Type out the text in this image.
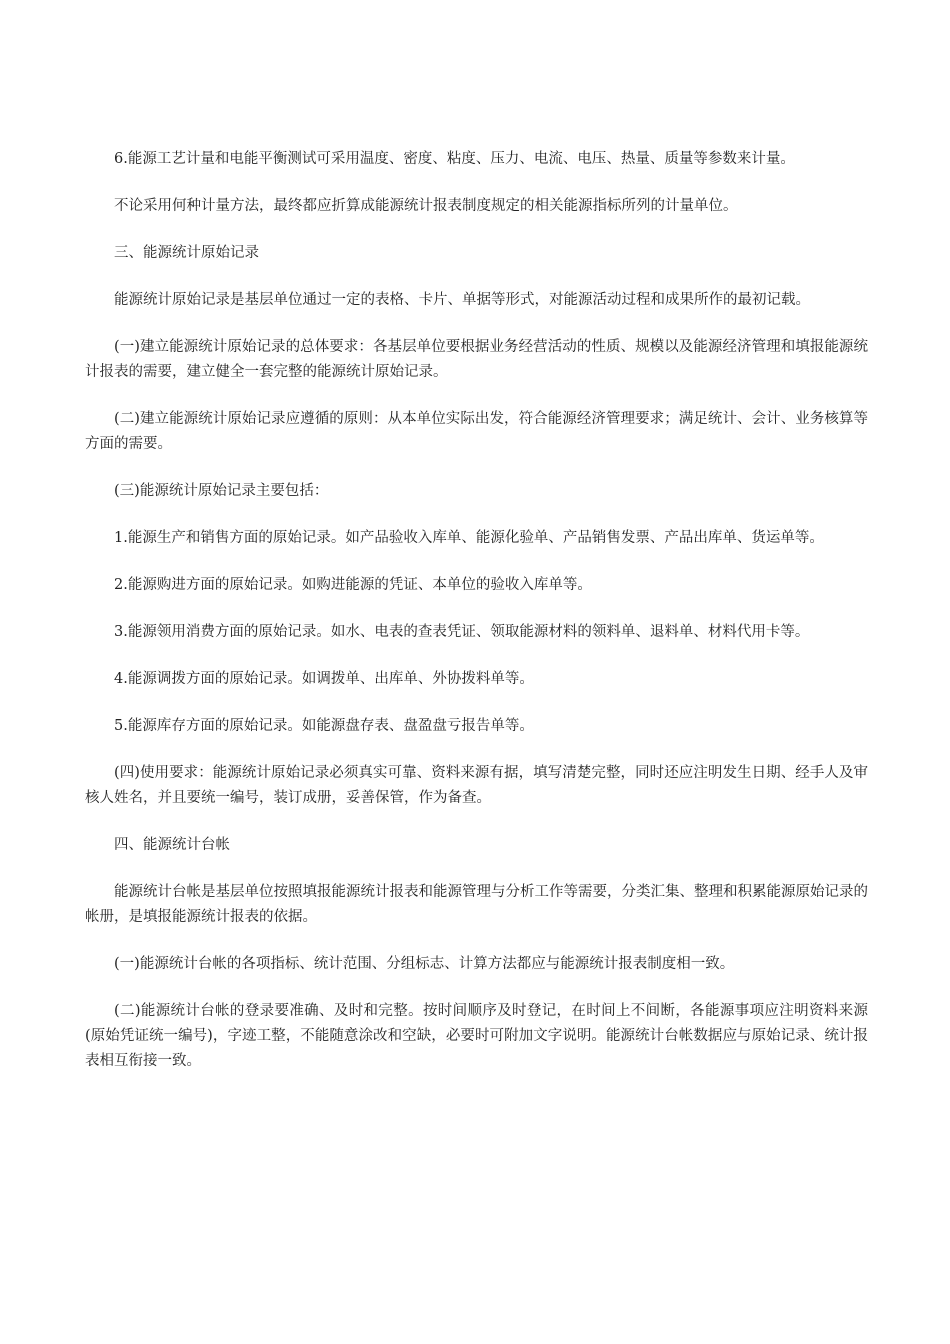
6.能源工艺计量和电能平衡测试可采用温度、密度、粘度、压力、电流、电压、热量、质量等参数来计量。

不论采用何种计量方法，最终都应折算成能源统计报表制度规定的相关能源指标所列的计量单位。

三、能源统计原始记录

能源统计原始记录是基层单位通过一定的表格、卡片、单据等形式，对能源活动过程和成果所作的最初记载。

(一)建立能源统计原始记录的总体要求：各基层单位要根据业务经营活动的性质、规模以及能源经济管理和填报能源统计报表的需要，建立健全一套完整的能源统计原始记录。

(二)建立能源统计原始记录应遵循的原则：从本单位实际出发，符合能源经济管理要求；满足统计、会计、业务核算等方面的需要。

(三)能源统计原始记录主要包括：

1.能源生产和销售方面的原始记录。如产品验收入库单、能源化验单、产品销售发票、产品出库单、货运单等。

2.能源购进方面的原始记录。如购进能源的凭证、本单位的验收入库单等。

3.能源领用消费方面的原始记录。如水、电表的查表凭证、领取能源材料的领料单、退料单、材料代用卡等。

4.能源调拨方面的原始记录。如调拨单、出库单、外协拨料单等。

5.能源库存方面的原始记录。如能源盘存表、盘盈盘亏报告单等。

(四)使用要求：能源统计原始记录必须真实可靠、资料来源有据，填写清楚完整，同时还应注明发生日期、经手人及审核人姓名，并且要统一编号，装订成册，妥善保管，作为备查。

四、能源统计台帐

能源统计台帐是基层单位按照填报能源统计报表和能源管理与分析工作等需要，分类汇集、整理和积累能源原始记录的帐册，是填报能源统计报表的依据。

(一)能源统计台帐的各项指标、统计范围、分组标志、计算方法都应与能源统计报表制度相一致。

(二)能源统计台帐的登录要准确、及时和完整。按时间顺序及时登记，在时间上不间断，各能源事项应注明资料来源(原始凭证统一编号)，字迹工整，不能随意涂改和空缺，必要时可附加文字说明。能源统计台帐数据应与原始记录、统计报表相互衔接一致。
